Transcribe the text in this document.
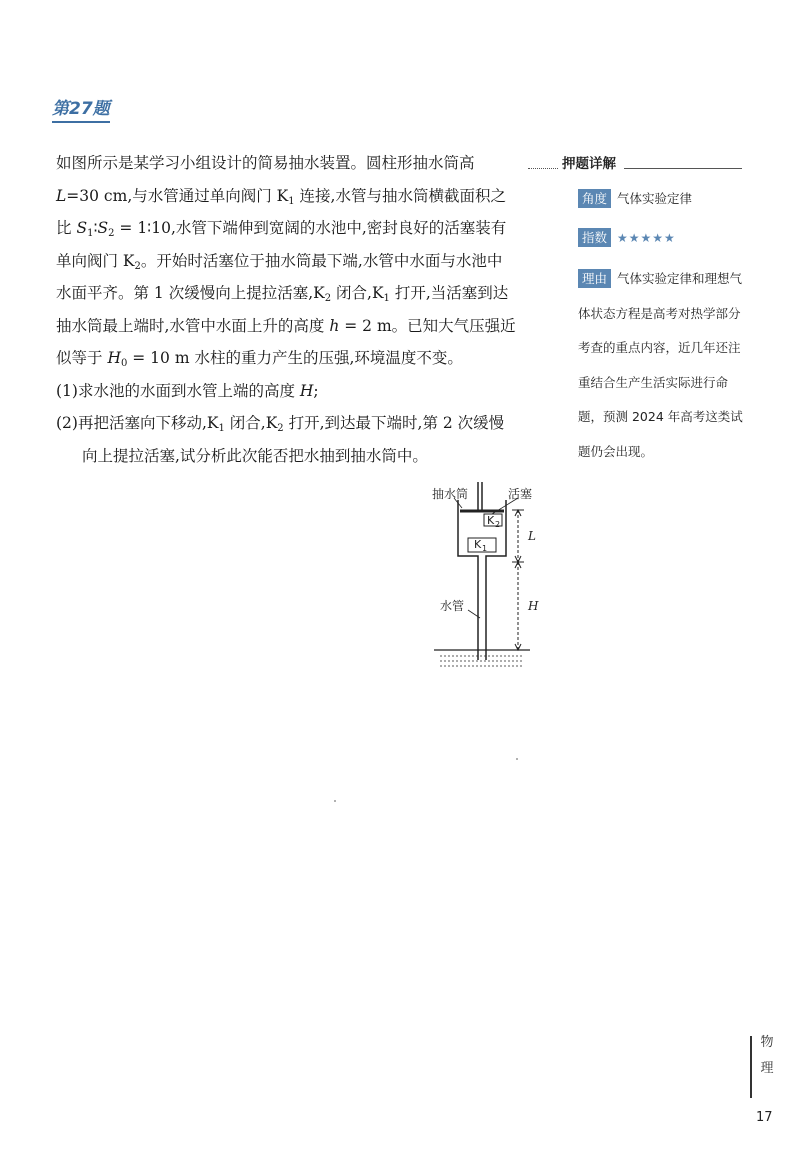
第27题
如图所示是某学习小组设计的简易抽水装置。圆柱形抽水筒高
L=30 cm,与水管通过单向阀门 $K_1$ 连接,水管与抽水筒横截面积之
比 $S_1∶S_2$ = 1∶10,水管下端伸到宽阔的水池中,密封良好的活塞装有
单向阀门 $K_2$。开始时活塞位于抽水筒最下端,水管中水面与水池中
水面平齐。第 1 次缓慢向上提拉活塞$,K_2$ 闭合$,K_1$ 打开,当活塞到达
抽水筒最上端时,水管中水面上升的高度 h = 2 m。已知大气压强近
似等于 $H_0 = 10$ m 水柱的重力产生的压强,环境温度不变。
(1)求水池的水面到水管上端的高度 H;
(2)再把活塞向下移动$,K_1$ 闭合$,K_2$ 打开,到达最下端时,第 2 次缓慢
向上提拉活塞,试分析此次能否把水抽到抽水筒中。
押题详解
角度 气体实验定律
指数 ★★★★★
理由 气体实验定律和理想气
体状态方程是高考对热学部分
考查的重点内容，近几年还注
重结合生产生活实际进行命
题，预测 2024 年高考这类试
题仍会出现。
抽水筒	活塞
K 2
K 1
L
H
水管
物
理
17
